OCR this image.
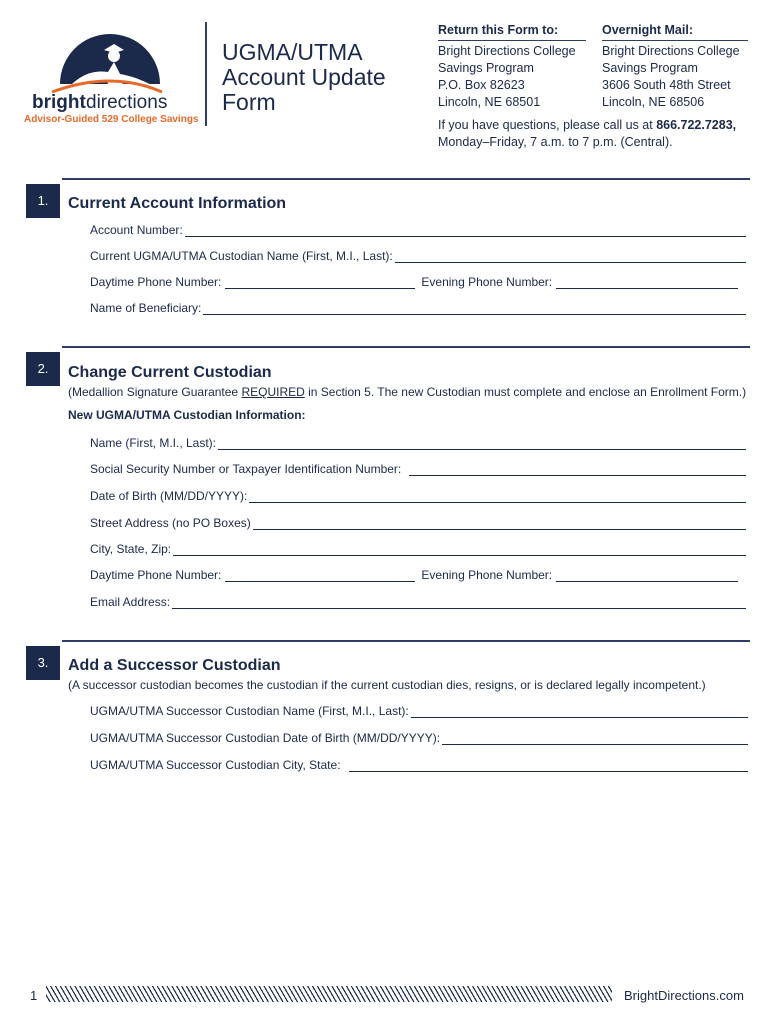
bright directions
Advisor-Guided 529 College Savings
UGMA/UTMA
Account Update
Form
Return this Form to:
Bright Directions College
Savings Program
P.O. Box 82623
Lincoln, NE 68501
Overnight Mail:
Bright Directions College
Savings Program
3606 South 48th Street
Lincoln, NE 68506
If you have questions, please call us at 866.722.7283,
Monday–Friday, 7 a.m. to 7 p.m. (Central).
1.	Current Account Information
Account Number:
Current UGMA/UTMA Custodian Name (First, M.I., Last):
Daytime Phone Number:	Evening Phone Number:
Name of Beneficiary:
2.	Change Current Custodian
(Medallion Signature Guarantee REQUIRED in Section 5. The new Custodian must complete and enclose an Enrollment Form.)
New UGMA/UTMA Custodian Information:
Name (First, M.I., Last):
Social Security Number or Taxpayer Identification Number:
Date of Birth (MM/DD/YYYY):
Street Address (no PO Boxes)
City, State, Zip:
Daytime Phone Number:	Evening Phone Number:
Email Address:
3.	Add a Successor Custodian
(A successor custodian becomes the custodian if the current custodian dies, resigns, or is declared legally incompetent.)
UGMA/UTMA Successor Custodian Name (First, M.I., Last):
UGMA/UTMA Successor Custodian Date of Birth (MM/DD/YYYY):
UGMA/UTMA Successor Custodian City, State:
1	BrightDirections.com
